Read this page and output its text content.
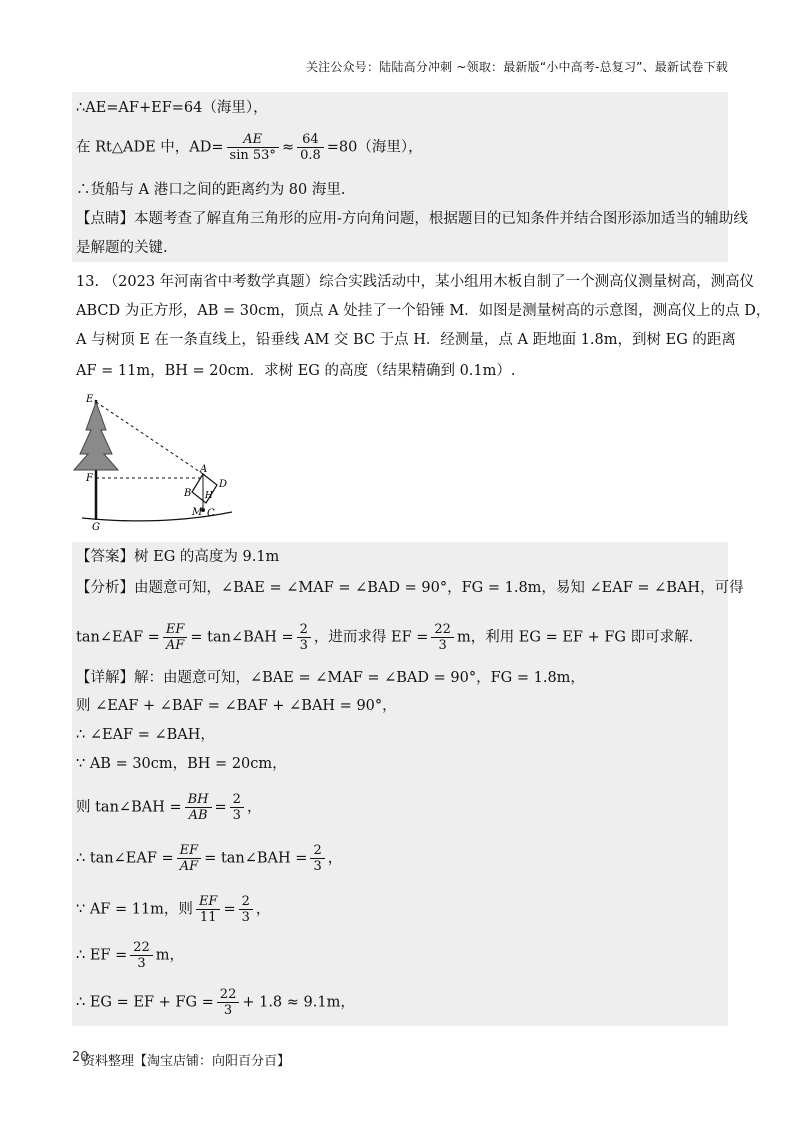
关注公众号：陆陆高分冲刺 ~领取：最新版“小中高考-总复习”、最新试卷下载
∴AE=AF+EF=64（海里），
在 Rt△ADE 中，$AD= \frac{AE}{\sin 53^\circ} \approx \frac{64}{0.8} =80$（海里），
∴货船与 A 港口之间的距离约为 80 海里.
【点睛】本题考查了解直角三角形的应用-方向角问题，根据题目的已知条件并结合图形添加适当的辅助线
是解题的关键.
13. （2023 年河南省中考数学真题）综合实践活动中，某小组用木板自制了一个测高仪测量树高，测高仪
ABCD 为正方形，AB = 30cm，顶点 A 处挂了一个铅锤 M．如图是测量树高的示意图，测高仪上的点 D，
A 与树顶 E 在一条直线上，铅垂线 AM 交 BC 于点 H．经测量，点 A 距地面 1.8m，到树 EG 的距离
AF = 11m，BH = 20cm．求树 EG 的高度（结果精确到 0.1m）.
E
F
G
A
B
D
H
M C
【答案】树 EG 的高度为 9.1m
【分析】由题意可知，∠BAE = ∠MAF = ∠BAD = 90°，FG = 1.8m，易知 ∠EAF = ∠BAH，可得
tan∠EAF = $\frac{EF}{AF}$ = tan∠BAH = $\frac{2}{3}$ ，进而求得 EF = $\frac{22}{3}$ m，利用 EG = EF + FG 即可求解.
【详解】解：由题意可知，∠BAE = ∠MAF = ∠BAD = 90°，FG = 1.8m，
则 ∠EAF + ∠BAF = ∠BAF + ∠BAH = 90°，
∴ ∠EAF = ∠BAH，
∵ AB = 30cm，BH = 20cm，
则 tan∠BAH = $\frac{BH}{AB} = \frac{2}{3}$ ，
∴ tan∠EAF = $\frac{EF}{AF}$ = tan∠BAH = $\frac{2}{3}$ ，
∵ AF = 11m，则 $\frac{EF}{11} = \frac{2}{3}$ ，
∴ EF = $\frac{22}{3}$ m，
∴ EG = EF + FG = $\frac{22}{3} + 1.8 \approx 9.1m$，
20
资料整理【淘宝店铺：向阳百分百】
